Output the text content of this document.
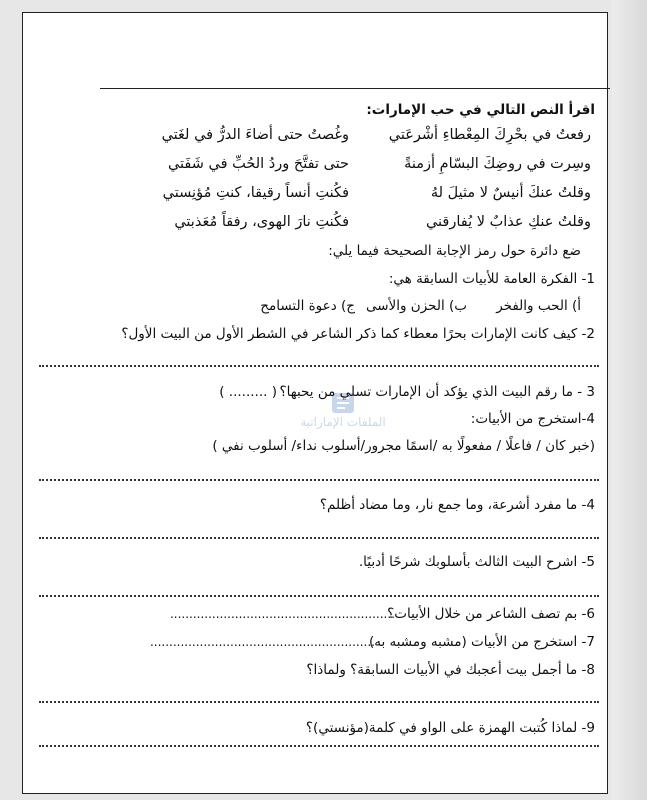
اقرأ النص التالي في حب الإمارات:
رفعتُ في بحْرِكَ المِعْطاءِ أشْرعَتي
وغُصتُ حتى أضاءَ الدرُّ في لغَتي
وسِرت في روضِكَ البسّامِ أزمنةً
حتى تفتَّحَ وردُ الحُبِّ في شَفَتي
وقلتُ عنكَ أنيسٌ لا مثيلَ لهُ
فكُنتِ أنساً رقيقا، كنتِ مُؤنِستي
وقلتُ عنكِ عذابٌ لا يُفارقني
فكُنتِ نارَ الهوى، رفقاً مُعَذبتي
ضع دائرة حول رمز الإجابة الصحيحة فيما يلي:
1- الفكرة العامة للأبيات السابقة هي:
أ) الحب والفخر
ب) الحزن والأسى
ج) دعوة التسامح
2- كيف كانت الإمارات بحرًا معطاء كما ذكر الشاعر في الشطر الأول من البيت الأول؟
الملفات الإماراتية
3 - ما رقم البيت الذي يؤكد أن الإمارات تسلي من يحبها؟
( ......... )
4-استخرج من الأبيات:
(خبر كان / فاعلًا / مفعولًا به /اسمًا مجرور/أسلوب نداء/ أسلوب نفي )
4- ما مفرد أشرعة، وما جمع نار، وما مضاد أظلم؟
5- اشرح البيت الثالث بأسلوبك شرحًا أدبيًا.
6- بم تصف الشاعر من خلال الأبيات؟
...........................................................
7- استخرج من الأبيات (مشبه ومشبه به)
...........................................................
8- ما أجمل بيت أعجبك في الأبيات السابقة؟ ولماذا؟
9- لماذا كُتبت الهمزة على الواو في كلمة(مؤنستي)؟
